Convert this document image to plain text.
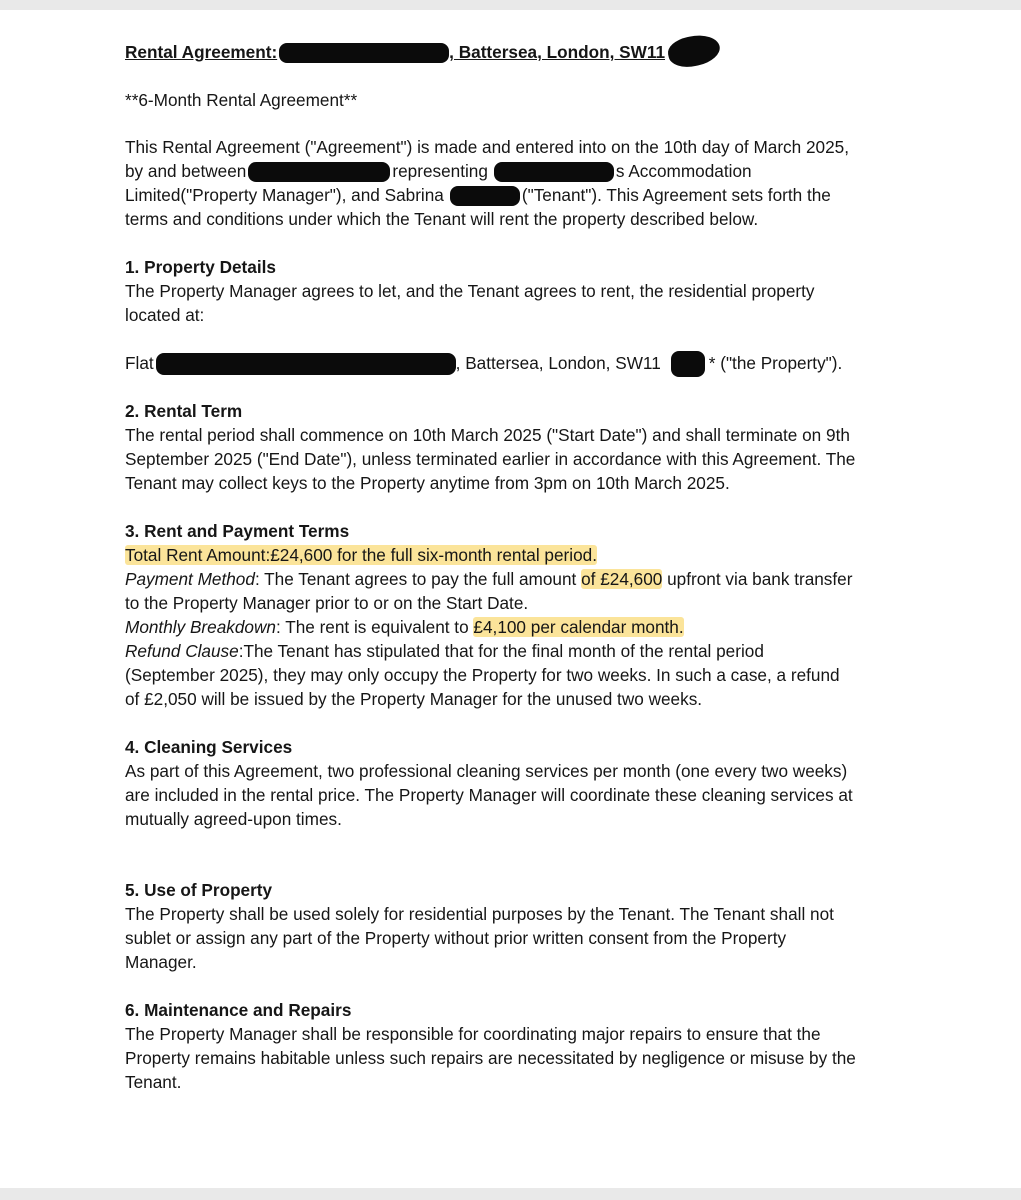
Rental Agreement:	, Battersea, London, SW11
**6-Month Rental Agreement**
This Rental Agreement ("Agreement") is made and entered into on the 10th day of March 2025,
by and between	representing	s Accommodation
Limited("Property Manager"), and Sabrina	("Tenant"). This Agreement sets forth the
terms and conditions under which the Tenant will rent the property described below.
1. Property Details
The Property Manager agrees to let, and the Tenant agrees to rent, the residential property
located at:
Flat	, Battersea, London, SW11	* ("the Property").
2. Rental Term
The rental period shall commence on 10th March 2025 ("Start Date") and shall terminate on 9th
September 2025 ("End Date"), unless terminated earlier in accordance with this Agreement. The
Tenant may collect keys to the Property anytime from 3pm on 10th March 2025.
3. Rent and Payment Terms
Total Rent Amount:£24,600 for the full six-month rental period.
Payment Method: The Tenant agrees to pay the full amount of £24,600 upfront via bank transfer
to the Property Manager prior to or on the Start Date.
Monthly Breakdown: The rent is equivalent to £4,100 per calendar month.
Refund Clause:The Tenant has stipulated that for the final month of the rental period
(September 2025), they may only occupy the Property for two weeks. In such a case, a refund
of £2,050 will be issued by the Property Manager for the unused two weeks.
4. Cleaning Services
As part of this Agreement, two professional cleaning services per month (one every two weeks)
are included in the rental price. The Property Manager will coordinate these cleaning services at
mutually agreed-upon times.
5. Use of Property
The Property shall be used solely for residential purposes by the Tenant. The Tenant shall not
sublet or assign any part of the Property without prior written consent from the Property
Manager.
6. Maintenance and Repairs
The Property Manager shall be responsible for coordinating major repairs to ensure that the
Property remains habitable unless such repairs are necessitated by negligence or misuse by the
Tenant.
